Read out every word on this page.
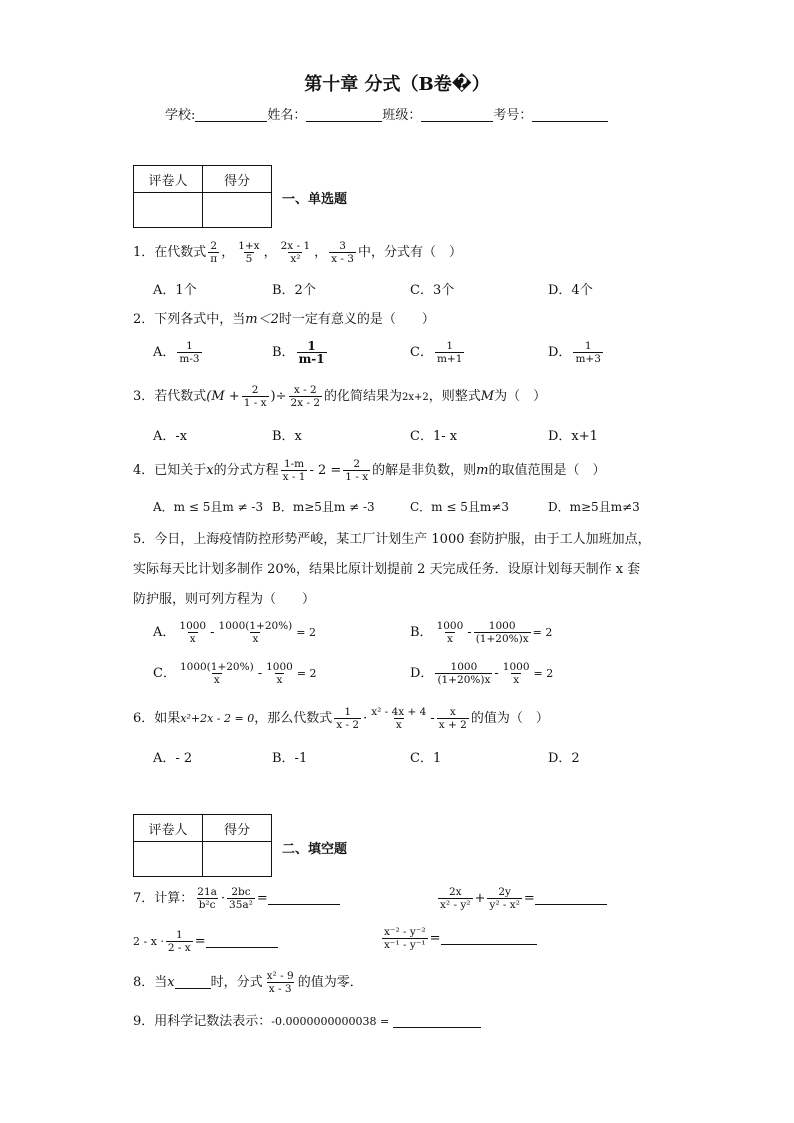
第十章 分式（B卷�）
学校:	姓名：	班级：	考号：
评卷人	得分

一、单选题
1．在代数式 $\frac{2}{\pi}$ ， $\frac{1+x}{5}$ ， $\frac{2x - 1}{\text{x²}}$ ， $\frac{3}{x - 3}$ 中，分式有（　）
A．1个	B．2个	C．3个	D．4个
2．下列各式中，当m＜2时一定有意义的是（　　）
A． $\frac{1}{m-3}$	B． $\frac{1}{m-1}$	C． $\frac{1}{m+1}$	D． $\frac{1}{m+3}$
3．若代数式($M + \frac{2}{1 - x}$ )÷ $\frac{x - 2}{2x - 2}$ 的化简结果为2x+2，则整式M为（　）
A．-x	B．x	C．1- x	D．x+1
4．已知关于x的分式方程 $\frac{1-m}{x - 1} - 2 = \frac{2}{1 - x}$ 的解是非负数，则m的取值范围是（　）
A．m ≤ 5且m ≠ -3 B．m≥5且m ≠ -3	C．m ≤ 5且m≠3	D．m≥5且m≠3
5．今日，上海疫情防控形势严峻，某工厂计划生产 1000 套防护服，由于工人加班加点，
实际每天比计划多制作 20%，结果比原计划提前 2 天完成任务．设原计划每天制作 x 套
防护服，则可列方程为（　　）
A． $\frac{1000}{x} - \frac{1000(1+20\%)}{x} = 2$	B． $\frac{1000}{x} - \frac{1000}{(1+20\%)x} = 2$
C． $\frac{1000(1+20\%)}{x} - \frac{1000}{x} = 2$	D． $\frac{1000}{(1+20\%)x} - \frac{1000}{x} = 2$
6．如果x²+2x - 2 = 0，那么代数式 $\frac{1}{x - 2} \cdot \frac{\text{x² - 4x + 4}}{x} - \frac{x}{x + 2}$ 的值为（　）
A．- 2	B．-1	C．1	D．2
评卷人	得分

二、填空题
7．计算： $\frac{21a}{\text{b²c}} \cdot \frac{2bc}{\text{35a²}}$ =	$\frac{2x}{\text{x² - y²}} + \frac{2y}{\text{y² - x²}}$ =
$2 - x \cdot \frac{1}{2 - x}$ =	$\frac{\text{x⁻² - y⁻²}}{\text{x⁻¹ - y⁻¹}}$ =
8．当x	时，分式 $\frac{\text{x² - 9}}{x - 3}$ 的值为零．
9．用科学记数法表示：-0.0000000000038 =
